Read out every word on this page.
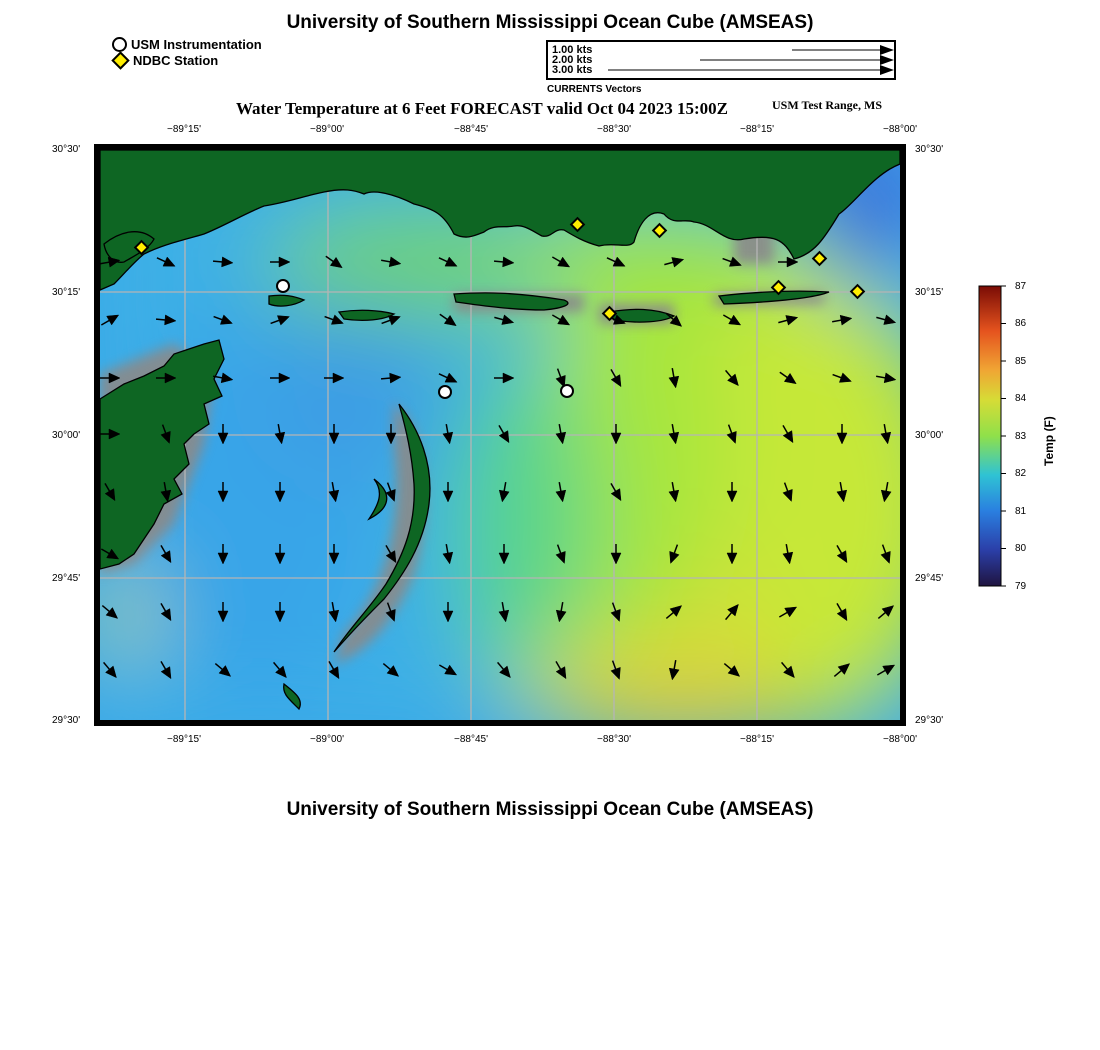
University of Southern Mississippi Ocean Cube (AMSEAS)
USM Instrumentation
NDBC Station
1.00 kts
2.00 kts
3.00 kts
CURRENTS Vectors
Water Temperature at 6 Feet FORECAST valid Oct 04 2023 15:00Z	USM Test Range, MS
−89°15'	−89°00'	−88°45'	−88°30'	−88°15'	−88°00'
−89°15'	−89°00'	−88°45'	−88°30'	−88°15'	−88°00'
30°30'
30°15'
30°00'
29°45'
29°30'
30°30'
30°15'
30°00'
29°45'
29°30'
87
86
85
84
83
82
81
80
79
Temp (F)
University of Southern Mississippi Ocean Cube (AMSEAS)
